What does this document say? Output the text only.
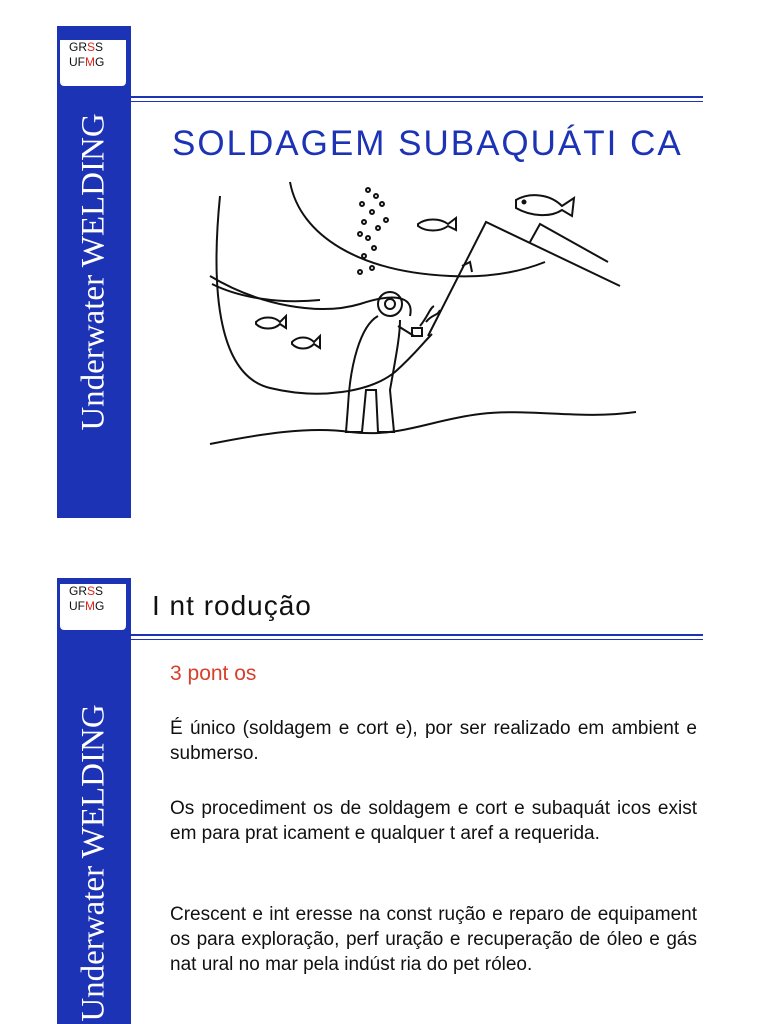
Underwater WELDING
GRSS
UFMG
SOLDAGEM SUBAQUÁTI CA
Underwater WELDING
GRSS
UFMG	I nt rodução
3 pont os
É único (soldagem e cort e), por ser realizado em ambient e submerso.
Os procediment os de soldagem e cort e subaquát icos exist em para prat icament e qualquer t aref a requerida.
Crescent e int eresse na const rução e reparo de equipament os para exploração, perf uração e recuperação de óleo e gás nat ural no mar pela indúst ria do pet róleo.
